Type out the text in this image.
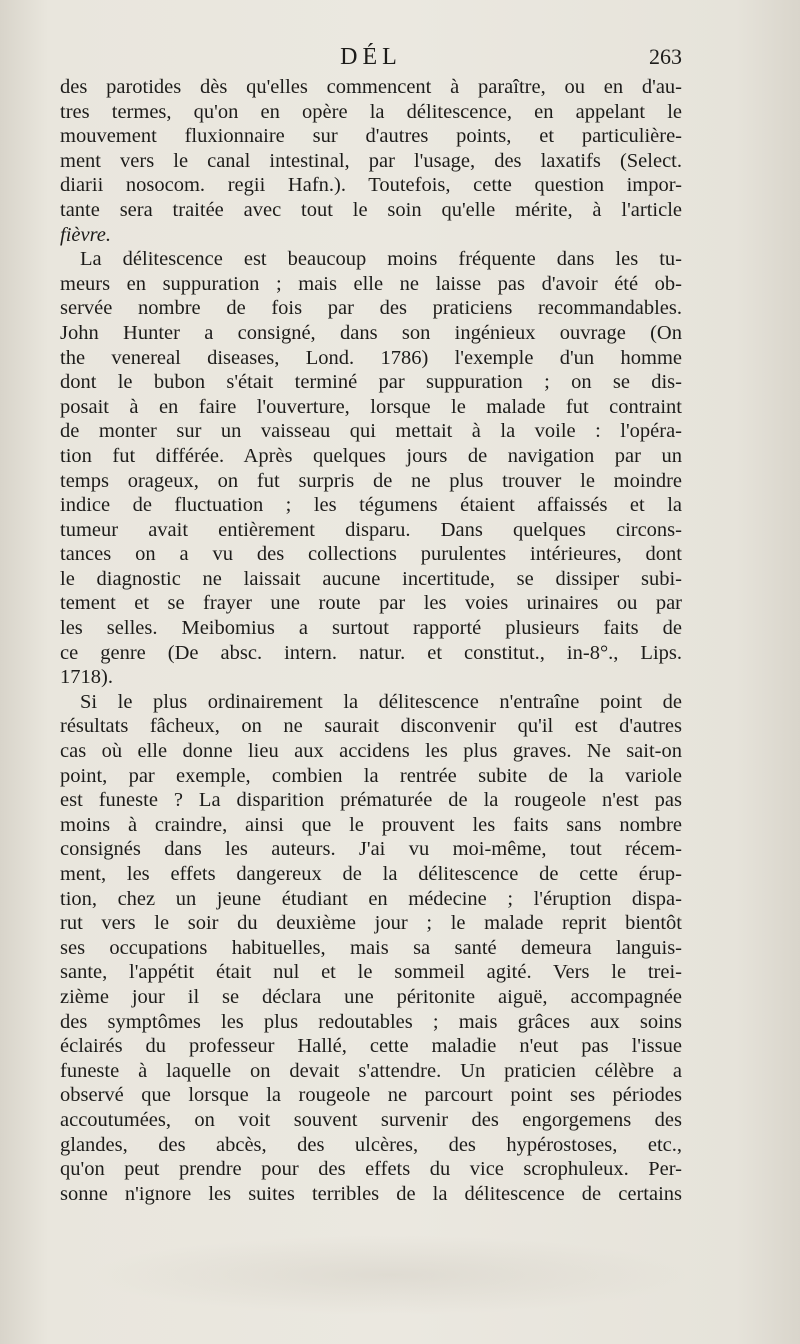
DÉL	263
des parotides dès qu'elles commencent à paraître, ou en d'au-
tres termes, qu'on en opère la délitescence, en appelant le
mouvement fluxionnaire sur d'autres points, et particulière-
ment vers le canal intestinal, par l'usage, des laxatifs (Select.
diarii nosocom. regii Hafn.). Toutefois, cette question impor-
tante sera traitée avec tout le soin qu'elle mérite, à l'article
fièvre.
La délitescence est beaucoup moins fréquente dans les tu-
meurs en suppuration ; mais elle ne laisse pas d'avoir été ob-
servée nombre de fois par des praticiens recommandables.
John Hunter a consigné, dans son ingénieux ouvrage (On
the venereal diseases, Lond. 1786) l'exemple d'un homme
dont le bubon s'était terminé par suppuration ; on se dis-
posait à en faire l'ouverture, lorsque le malade fut contraint
de monter sur un vaisseau qui mettait à la voile : l'opéra-
tion fut différée. Après quelques jours de navigation par un
temps orageux, on fut surpris de ne plus trouver le moindre
indice de fluctuation ; les tégumens étaient affaissés et la
tumeur avait entièrement disparu. Dans quelques circons-
tances on a vu des collections purulentes intérieures, dont
le diagnostic ne laissait aucune incertitude, se dissiper subi-
tement et se frayer une route par les voies urinaires ou par
les selles. Meibomius a surtout rapporté plusieurs faits de
ce genre (De absc. intern. natur. et constitut., in-8°., Lips.
1718).
Si le plus ordinairement la délitescence n'entraîne point de
résultats fâcheux, on ne saurait disconvenir qu'il est d'autres
cas où elle donne lieu aux accidens les plus graves. Ne sait-on
point, par exemple, combien la rentrée subite de la variole
est funeste ? La disparition prématurée de la rougeole n'est pas
moins à craindre, ainsi que le prouvent les faits sans nombre
consignés dans les auteurs. J'ai vu moi-même, tout récem-
ment, les effets dangereux de la délitescence de cette érup-
tion, chez un jeune étudiant en médecine ; l'éruption dispa-
rut vers le soir du deuxième jour ; le malade reprit bientôt
ses occupations habituelles, mais sa santé demeura languis-
sante, l'appétit était nul et le sommeil agité. Vers le trei-
zième jour il se déclara une péritonite aiguë, accompagnée
des symptômes les plus redoutables ; mais grâces aux soins
éclairés du professeur Hallé, cette maladie n'eut pas l'issue
funeste à laquelle on devait s'attendre. Un praticien célèbre a
observé que lorsque la rougeole ne parcourt point ses périodes
accoutumées, on voit souvent survenir des engorgemens des
glandes, des abcès, des ulcères, des hypérostoses, etc.,
qu'on peut prendre pour des effets du vice scrophuleux. Per-
sonne n'ignore les suites terribles de la délitescence de certains
